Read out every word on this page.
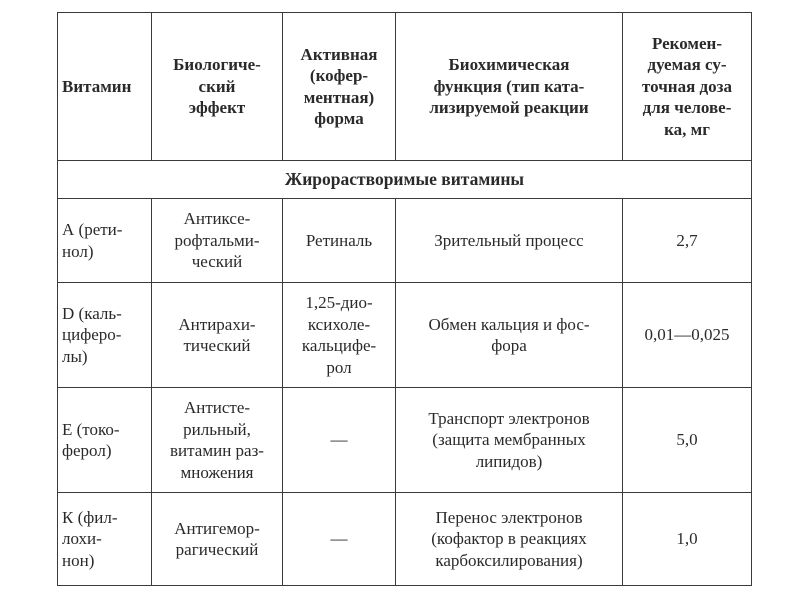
Витамин	Биологиче-
ский
эффект	Активная
(кофер-
ментная)
форма	Биохимическая
функция (тип ката-
лизируемой реакции	Рекомен-
дуемая су-
точная доза
для челове-
ка, мг

Жирорастворимые витамины				

А (рети-
нол)	Антиксе-
рофтальми-
ческий	Ретиналь	Зрительный процесс	2,7

D (каль-
циферо-
лы)	Антирахи-
тический	1,25-дио-
ксихоле-
кальцифе-
рол	Обмен кальция и фос-
фора	0,01—0,025

Е (токо-
ферол)	Антисте-
рильный,
витамин раз-
множения	—	Транспорт электронов
(защита мембранных
липидов)	5,0

К (фил-
лохи-
нон)	Антигемор-
рагический	—	Перенос электронов
(кофактор в реакциях
карбоксилирования)	1,0
